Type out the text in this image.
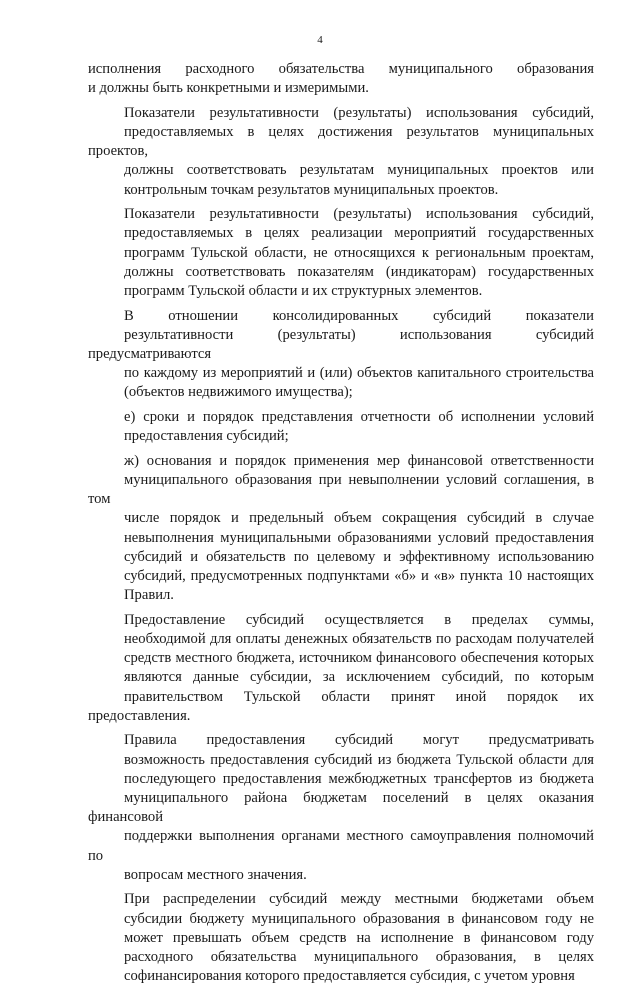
4

исполнения расходного обязательства муниципального образования
и должны быть конкретными и измеримыми.

Показатели результативности (результаты) использования субсидий,
предоставляемых в целях достижения результатов муниципальных проектов,
должны соответствовать результатам муниципальных проектов или
контрольным точкам результатов муниципальных проектов.

Показатели результативности (результаты) использования субсидий,
предоставляемых в целях реализации мероприятий государственных
программ Тульской области, не относящихся к региональным проектам,
должны соответствовать показателям (индикаторам) государственных
программ Тульской области и их структурных элементов.

В отношении консолидированных субсидий показатели
результативности (результаты) использования субсидий предусматриваются
по каждому из мероприятий и (или) объектов капитального строительства
(объектов недвижимого имущества);

е) сроки и порядок представления отчетности об исполнении условий
предоставления субсидий;

ж) основания и порядок применения мер финансовой ответственности
муниципального образования при невыполнении условий соглашения, в том
числе порядок и предельный объем сокращения субсидий в случае
невыполнения муниципальными образованиями условий предоставления
субсидий и обязательств по целевому и эффективному использованию
субсидий, предусмотренных подпунктами «б» и «в» пункта 10 настоящих
Правил.

Предоставление субсидий осуществляется в пределах суммы,
необходимой для оплаты денежных обязательств по расходам получателей
средств местного бюджета, источником финансового обеспечения которых
являются данные субсидии, за исключением субсидий, по которым
правительством Тульской области принят иной порядок их предоставления.

Правила предоставления субсидий могут предусматривать
возможность предоставления субсидий из бюджета Тульской области для
последующего предоставления межбюджетных трансфертов из бюджета
муниципального района бюджетам поселений в целях оказания финансовой
поддержки выполнения органами местного самоуправления полномочий по
вопросам местного значения.

При распределении субсидий между местными бюджетами объем
субсидии бюджету муниципального образования в финансовом году не
может превышать объем средств на исполнение в финансовом году
расходного обязательства муниципального образования, в целях
софинансирования которого предоставляется субсидия, с учетом уровня
